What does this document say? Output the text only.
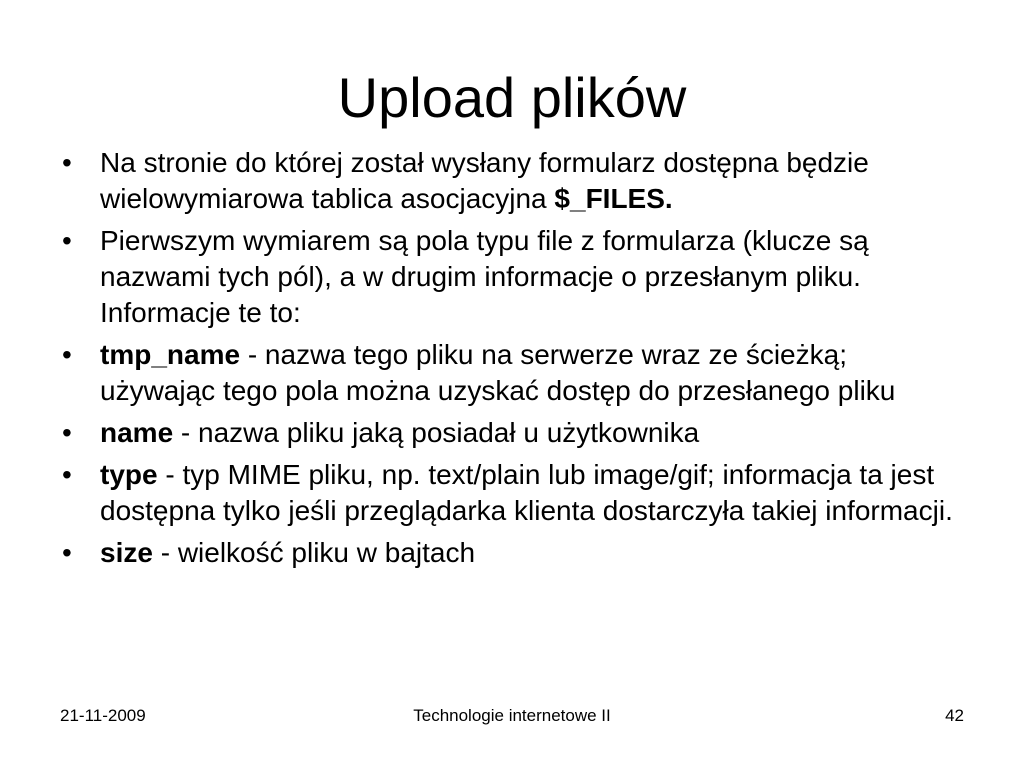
Upload plików
•	Na stronie do której został wysłany formularz dostępna będzie wielowymiarowa tablica asocjacyjna $_FILES.
•	Pierwszym wymiarem są pola typu file z formularza (klucze są nazwami tych pól), a w drugim informacje o przesłanym pliku. Informacje te to:
•	tmp_name - nazwa tego pliku na serwerze wraz ze ścieżką; używając tego pola można uzyskać dostęp do przesłanego pliku
•	name - nazwa pliku jaką posiadał u użytkownika
•	type - typ MIME pliku, np. text/plain lub image/gif; informacja ta jest dostępna tylko jeśli przeglądarka klienta dostarczyła takiej informacji.
•	size - wielkość pliku w bajtach
21-11-2009	Technologie internetowe II	42
